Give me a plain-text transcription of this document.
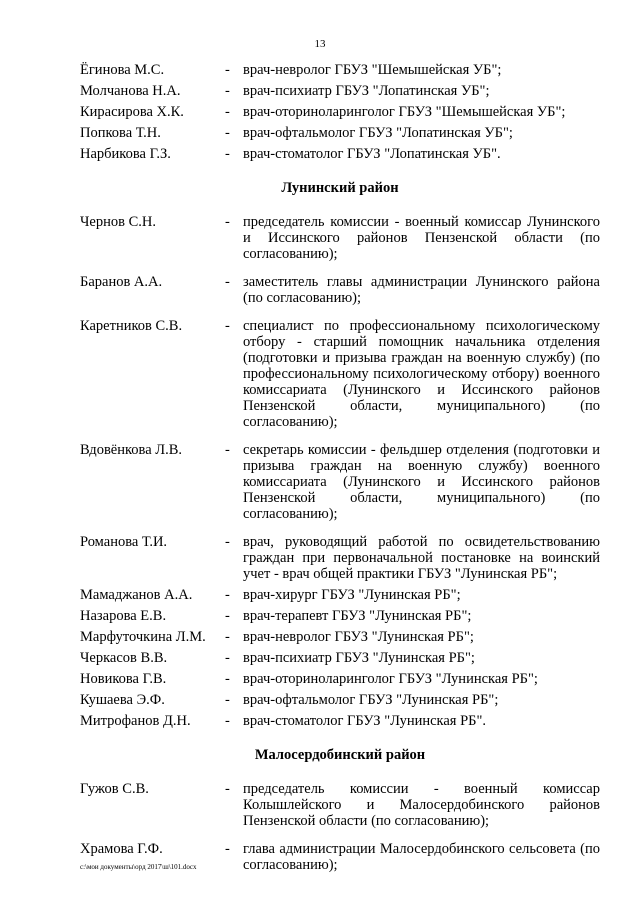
13
Ёгинова М.С.	- врач-невролог ГБУЗ "Шемышейская УБ";
Молчанова Н.А.	- врач-психиатр ГБУЗ "Лопатинская УБ";
Кирасирова Х.К.	- врач-оториноларинголог ГБУЗ "Шемышейская УБ";
Попкова Т.Н.	- врач-офтальмолог ГБУЗ "Лопатинская УБ";
Нарбикова Г.З.	- врач-стоматолог ГБУЗ "Лопатинская УБ".
Лунинский район
Чернов С.Н.	- председатель комиссии - военный комиссар Лунинского и Иссинского районов Пензенской области (по согласованию);
Баранов А.А.	- заместитель главы администрации Лунинского района (по согласованию);
Каретников С.В.	- специалист по профессиональному психологическому отбору - старший помощник начальника отделения (подготовки и призыва граждан на военную службу) (по профессиональному психологическому отбору) военного комиссариата (Лунинского и Иссинского районов Пензенской области, муниципального) (по согласованию);
Вдовёнкова Л.В.	- секретарь комиссии - фельдшер отделения (подготовки и призыва граждан на военную службу) военного комиссариата (Лунинского и Иссинского районов Пензенской области, муниципального) (по согласованию);
Романова Т.И.	- врач, руководящий работой по освидетельствованию граждан при первоначальной постановке на воинский учет - врач общей практики ГБУЗ "Лунинская РБ";
Мамаджанов А.А.	- врач-хирург ГБУЗ "Лунинская РБ";
Назарова Е.В.	- врач-терапевт ГБУЗ "Лунинская РБ";
Марфуточкина Л.М.	- врач-невролог ГБУЗ "Лунинская РБ";
Черкасов В.В.	- врач-психиатр ГБУЗ "Лунинская РБ";
Новикова Г.В.	- врач-оториноларинголог ГБУЗ "Лунинская РБ";
Кушаева Э.Ф.	- врач-офтальмолог ГБУЗ "Лунинская РБ";
Митрофанов Д.Н.	- врач-стоматолог ГБУЗ "Лунинская РБ".
Малосердобинский район
Гужов С.В.	- председатель комиссии - военный комиссар Колышлейского и Малосердобинского районов Пензенской области (по согласованию);
Храмова Г.Ф.	- глава администрации Малосердобинского сельсовета (по согласованию);
с:\мои документы\орд 2017\ш\101.docx
